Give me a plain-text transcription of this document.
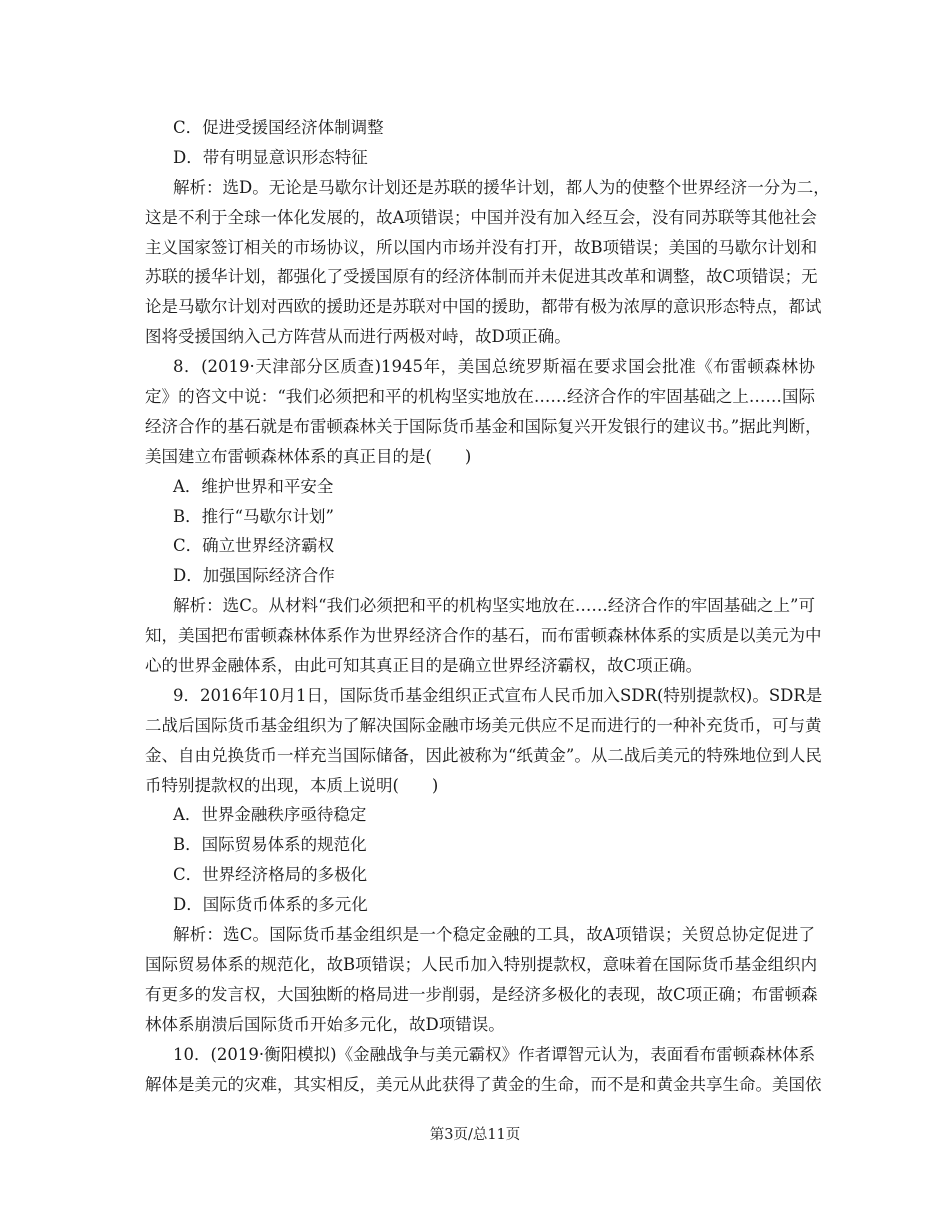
C．促进受援国经济体制调整
D．带有明显意识形态特征
解析：选D。无论是马歇尔计划还是苏联的援华计划，都人为的使整个世界经济一分为二，
这是不利于全球一体化发展的，故A项错误；中国并没有加入经互会，没有同苏联等其他社会
主义国家签订相关的市场协议，所以国内市场并没有打开，故B项错误；美国的马歇尔计划和
苏联的援华计划，都强化了受援国原有的经济体制而并未促进其改革和调整，故C项错误；无
论是马歇尔计划对西欧的援助还是苏联对中国的援助，都带有极为浓厚的意识形态特点，都试
图将受援国纳入己方阵营从而进行两极对峙，故D项正确。
8．(2019·天津部分区质查)1945年，美国总统罗斯福在要求国会批准《布雷顿森林协
定》的咨文中说：“我们必须把和平的机构坚实地放在……经济合作的牢固基础之上……国际
经济合作的基石就是布雷顿森林关于国际货币基金和国际复兴开发银行的建议书。”据此判断，
美国建立布雷顿森林体系的真正目的是(　　)
A．维护世界和平安全
B．推行“马歇尔计划”
C．确立世界经济霸权
D．加强国际经济合作
解析：选C。从材料“我们必须把和平的机构坚实地放在……经济合作的牢固基础之上”可
知，美国把布雷顿森林体系作为世界经济合作的基石，而布雷顿森林体系的实质是以美元为中
心的世界金融体系，由此可知其真正目的是确立世界经济霸权，故C项正确。
9．2016年10月1日，国际货币基金组织正式宣布人民币加入SDR(特别提款权)。SDR是
二战后国际货币基金组织为了解决国际金融市场美元供应不足而进行的一种补充货币，可与黄
金、自由兑换货币一样充当国际储备，因此被称为“纸黄金”。从二战后美元的特殊地位到人民
币特别提款权的出现，本质上说明(　　)
A．世界金融秩序亟待稳定
B．国际贸易体系的规范化
C．世界经济格局的多极化
D．国际货币体系的多元化
解析：选C。国际货币基金组织是一个稳定金融的工具，故A项错误；关贸总协定促进了
国际贸易体系的规范化，故B项错误；人民币加入特别提款权，意味着在国际货币基金组织内
有更多的发言权，大国独断的格局进一步削弱，是经济多极化的表现，故C项正确；布雷顿森
林体系崩溃后国际货币开始多元化，故D项错误。
10．(2019·衡阳模拟)《金融战争与美元霸权》作者谭智元认为，表面看布雷顿森林体系
解体是美元的灾难，其实相反，美元从此获得了黄金的生命，而不是和黄金共享生命。美国依
第3页/总11页
